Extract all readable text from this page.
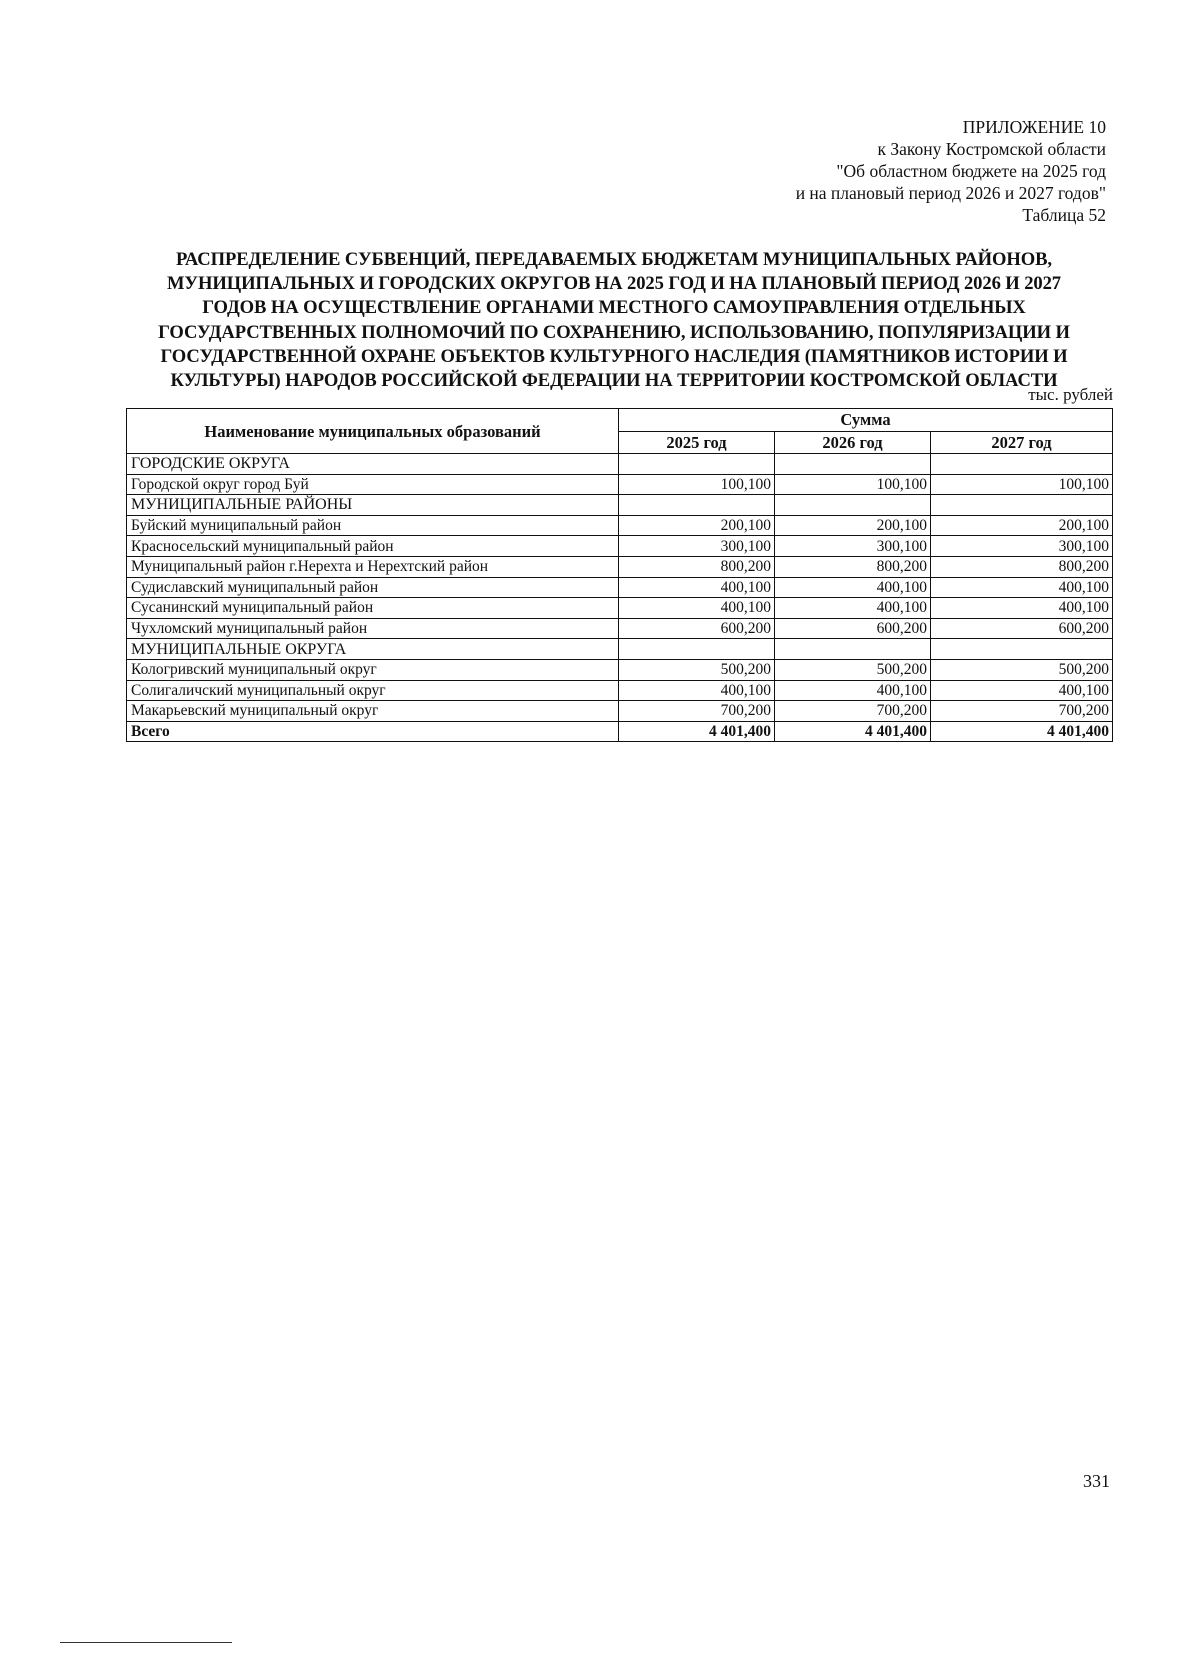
ПРИЛОЖЕНИЕ 10
к Закону Костромской области
"Об областном бюджете на 2025 год
и на плановый период 2026 и 2027 годов"
Таблица 52
РАСПРЕДЕЛЕНИЕ СУБВЕНЦИЙ, ПЕРЕДАВАЕМЫХ БЮДЖЕТАМ МУНИЦИПАЛЬНЫХ РАЙОНОВ,
МУНИЦИПАЛЬНЫХ И ГОРОДСКИХ ОКРУГОВ НА 2025 ГОД И НА ПЛАНОВЫЙ ПЕРИОД 2026 И 2027
ГОДОВ НА ОСУЩЕСТВЛЕНИЕ ОРГАНАМИ МЕСТНОГО САМОУПРАВЛЕНИЯ ОТДЕЛЬНЫХ
ГОСУДАРСТВЕННЫХ ПОЛНОМОЧИЙ ПО СОХРАНЕНИЮ, ИСПОЛЬЗОВАНИЮ, ПОПУЛЯРИЗАЦИИ И
ГОСУДАРСТВЕННОЙ ОХРАНЕ ОБЪЕКТОВ КУЛЬТУРНОГО НАСЛЕДИЯ (ПАМЯТНИКОВ ИСТОРИИ И
КУЛЬТУРЫ) НАРОДОВ РОССИЙСКОЙ ФЕДЕРАЦИИ НА ТЕРРИТОРИИ КОСТРОМСКОЙ ОБЛАСТИ
тыс. рублей
Наименование муниципальных образований	Сумма		
	2025 год	2026 год	2027 год
ГОРОДСКИЕ ОКРУГА			
Городской округ город Буй	100,100	100,100	100,100
МУНИЦИПАЛЬНЫЕ РАЙОНЫ			
Буйский муниципальный район	200,100	200,100	200,100
Красносельский муниципальный район	300,100	300,100	300,100
Муниципальный район г.Нерехта и Нерехтский район	800,200	800,200	800,200
Судиславский муниципальный район	400,100	400,100	400,100
Сусанинский муниципальный район	400,100	400,100	400,100
Чухломский муниципальный район	600,200	600,200	600,200
МУНИЦИПАЛЬНЫЕ ОКРУГА			
Кологривский муниципальный округ	500,200	500,200	500,200
Солигаличский муниципальный округ	400,100	400,100	400,100
Макарьевский муниципальный округ	700,200	700,200	700,200
Всего	4 401,400	4 401,400	4 401,400
331
